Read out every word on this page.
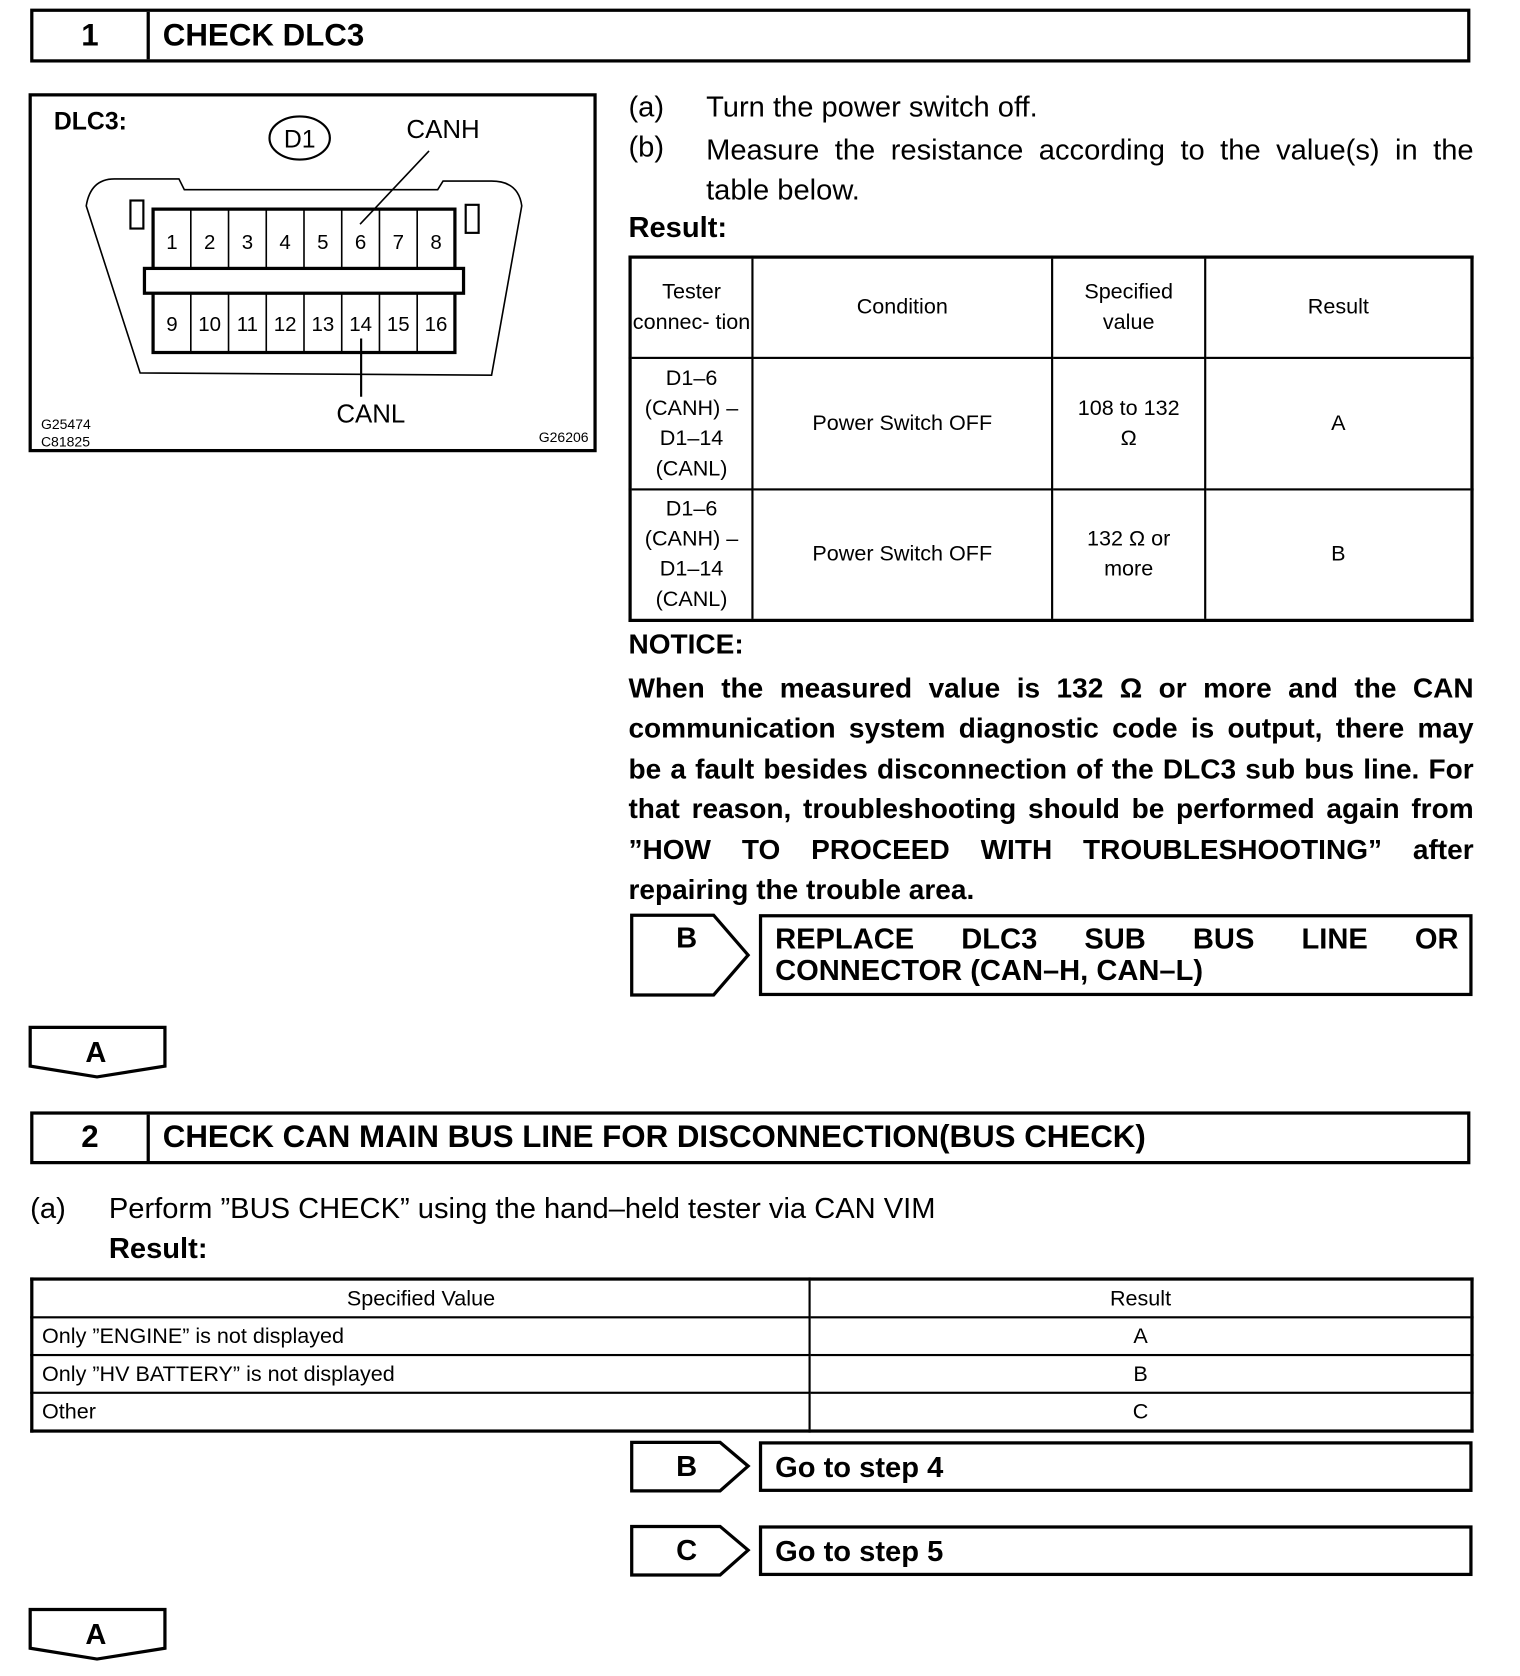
1	CHECK DLC3
DLC3:
D1	CANH
CANL
1 2 3 4 5 6 7 8
9 10 11 12 13 14 15 16
G25474
C81825	G26206
(a) Turn the power switch off.
(b) Measure the resistance according to the value(s) in the table below.
Result:
Tester connec- tion	Condition	Specified value	Result
D1–6 (CANH) – D1–14 (CANL)	Power Switch OFF	108 to 132 Ω	A
D1–6 (CANH) – D1–14 (CANL)	Power Switch OFF	132 Ω or more	B
NOTICE:
When the measured value is 132 Ω or more and the CAN communication system diagnostic code is output, there may be a fault besides disconnection of the DLC3 sub bus line. For that reason, troubleshooting should be performed again from ”HOW TO PROCEED WITH TROUBLESHOOTING” after repairing the trouble area.
B	REPLACE DLC3 SUB BUS LINE OR
CONNECTOR (CAN–H, CAN–L)
A
2	CHECK CAN MAIN BUS LINE FOR DISCONNECTION(BUS CHECK)
(a) Perform ”BUS CHECK” using the hand–held tester via CAN VIM
Result:
Specified Value	Result
Only ”ENGINE” is not displayed	A
Only ”HV BATTERY” is not displayed	B
Other	C
B	Go to step 4
C	Go to step 5
A
